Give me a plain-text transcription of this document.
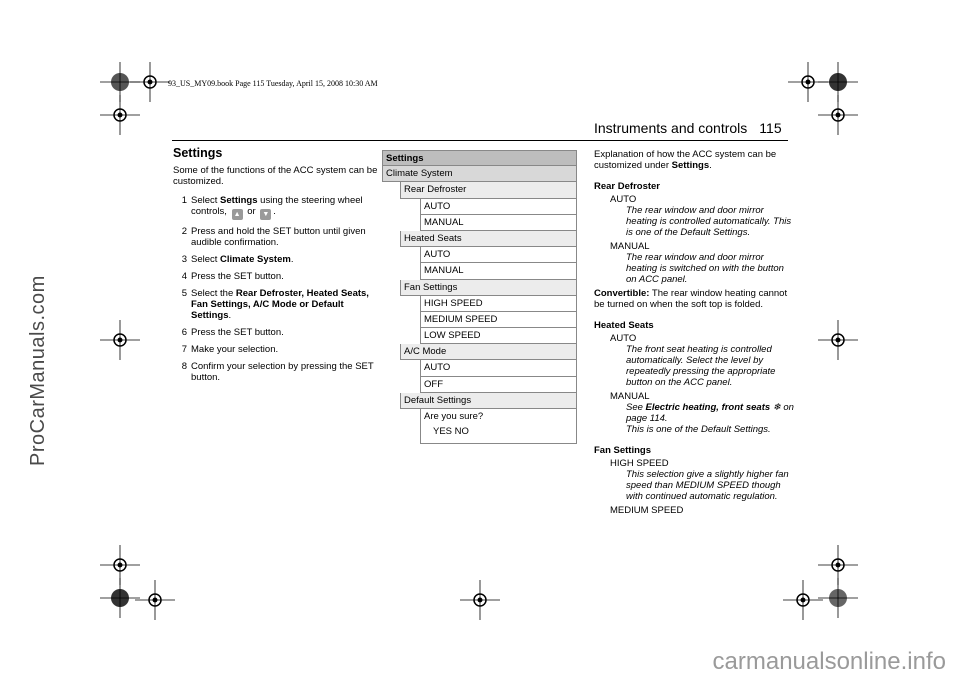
93_US_MY09.book Page 115 Tuesday, April 15, 2008 10:30 AM
Instruments and controls 115
ProCarManuals.com
carmanualsonline.info
Settings

Some of the functions of the ACC system can be customized.

1 Select Settings using the steering wheel controls, ▲ or ▼ .
2 Press and hold the SET button until given audible confirmation.
3 Select Climate System.
4 Press the SET button.
5 Select the Rear Defroster, Heated Seats, Fan Settings, A/C Mode or Default Settings.
6 Press the SET button.
7 Make your selection.
8 Confirm your selection by pressing the SET button.
Settings
Climate System
Rear Defroster
AUTO
MANUAL
Heated Seats
AUTO
MANUAL
Fan Settings
HIGH SPEED
MEDIUM SPEED
LOW SPEED
A/C Mode
AUTO
OFF
Default Settings
Are you sure?
YES NO

Explanation of how the ACC system can be customized under Settings.

Rear Defroster
AUTO
The rear window and door mirror heating is controlled automatically. This is one of the Default Settings.
MANUAL
The rear window and door mirror heating is switched on with the button on ACC panel.
Convertible: The rear window heating cannot be turned on when the soft top is folded.
Heated Seats
AUTO
The front seat heating is controlled automatically. Select the level by repeatedly pressing the appropriate button on the ACC panel.
MANUAL
See Electric heating, front seats ❄ on page 114.
This is one of the Default Settings.
Fan Settings
HIGH SPEED
This selection give a slightly higher fan speed than MEDIUM SPEED though with continued automatic regulation.
MEDIUM SPEED
